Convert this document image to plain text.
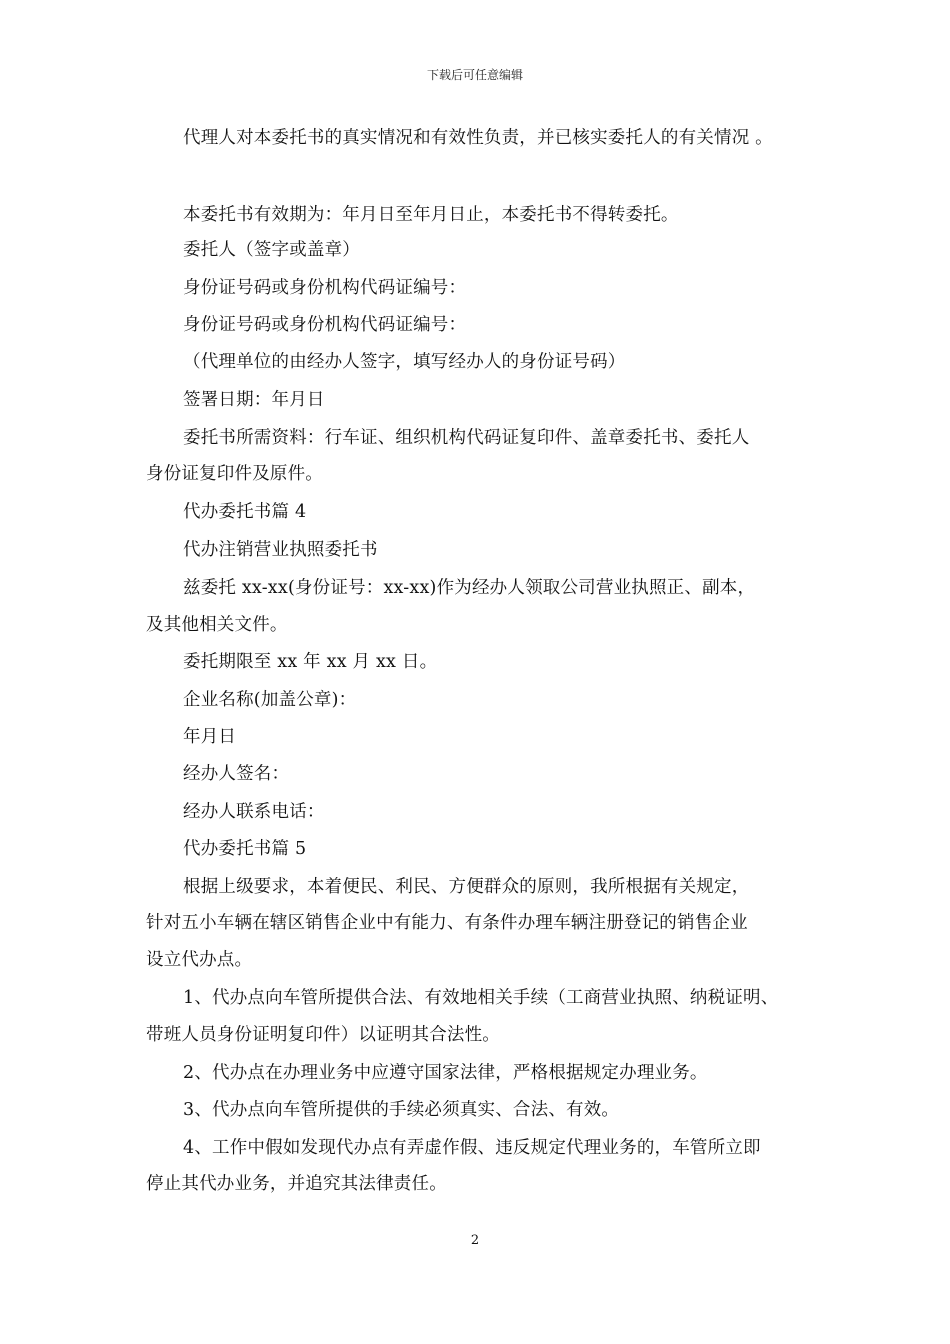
下载后可任意编辑
代理人对本委托书的真实情况和有效性负责，并已核实委托人的有关情况 。
本委托书有效期为：年月日至年月日止，本委托书不得转委托。
委托人（签字或盖章）
身份证号码或身份机构代码证编号：
身份证号码或身份机构代码证编号：
（代理单位的由经办人签字，填写经办人的身份证号码）
签署日期：年月日
委托书所需资料：行车证、组织机构代码证复印件、盖章委托书、委托人
身份证复印件及原件。
代办委托书篇 4
代办注销营业执照委托书
兹委托 xx-xx(身份证号：xx-xx)作为经办人领取公司营业执照正、副本，
及其他相关文件。
委托期限至 xx 年 xx 月 xx 日。
企业名称(加盖公章)：
年月日
经办人签名：
经办人联系电话：
代办委托书篇 5
根据上级要求，本着便民、利民、方便群众的原则，我所根据有关规定，
针对五小车辆在辖区销售企业中有能力、有条件办理车辆注册登记的销售企业
设立代办点。
1、代办点向车管所提供合法、有效地相关手续（工商营业执照、纳税证明、
带班人员身份证明复印件）以证明其合法性。
2、代办点在办理业务中应遵守国家法律，严格根据规定办理业务。
3、代办点向车管所提供的手续必须真实、合法、有效。
4、工作中假如发现代办点有弄虚作假、违反规定代理业务的，车管所立即
停止其代办业务，并追究其法律责任。
2
